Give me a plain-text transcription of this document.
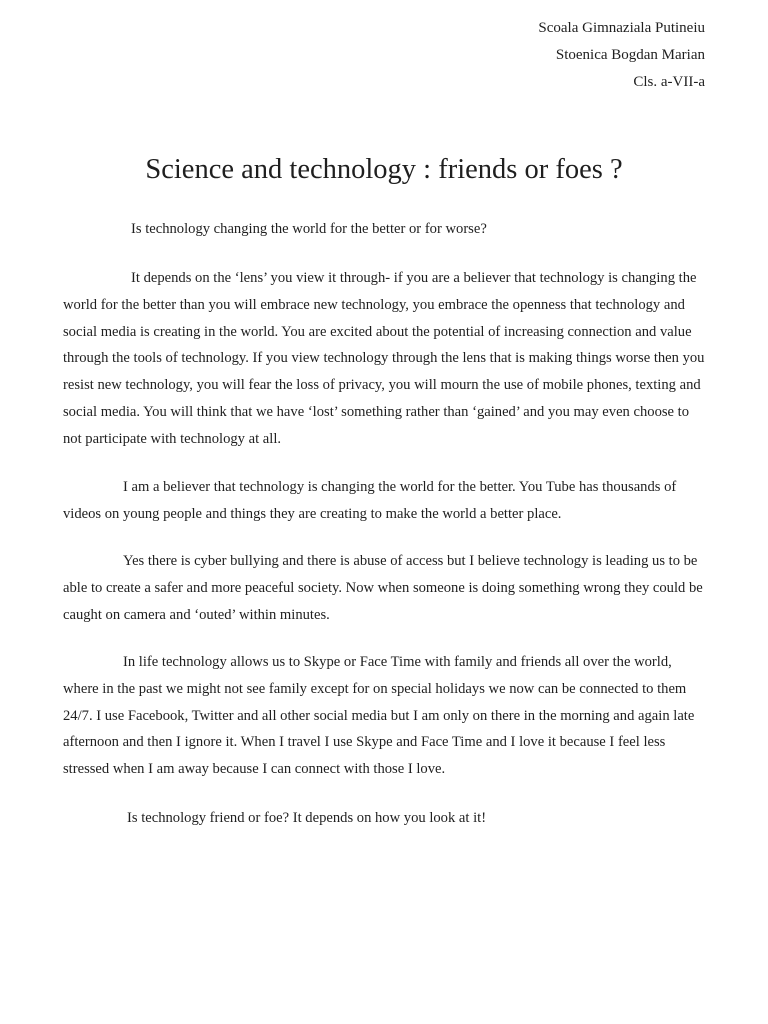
Scoala Gimnaziala Putineiu
Stoenica Bogdan Marian
Cls. a-VII-a
Science and technology : friends or foes ?

Is technology changing the world for the better or for worse?

It depends on the ‘lens’ you view it through- if you are a believer that technology is changing the world for the better than you will embrace new technology, you embrace the openness that technology and social media is creating in the world. You are excited about the potential of increasing connection and value through the tools of technology. If you view technology through the lens that is making things worse then you resist new technology, you will fear the loss of privacy, you will mourn the use of mobile phones, texting and social media. You will think that we have ‘lost’ something rather than ‘gained’ and you may even choose to not participate with technology at all.

I am a believer that technology is changing the world for the better. You Tube has thousands of videos on young people and things they are creating to make the world a better place.

Yes there is cyber bullying and there is abuse of access but I believe technology is leading us to be able to create a safer and more peaceful society. Now when someone is doing something wrong they could be caught on camera and ‘outed’ within minutes.

In life technology allows us to Skype or Face Time with family and friends all over the world, where in the past we might not see family except for on special holidays we now can be connected to them 24/7. I use Facebook, Twitter and all other social media but I am only on there in the morning and again late afternoon and then I ignore it. When I travel I use Skype and Face Time and I love it because I feel less stressed when I am away because I can connect with those I love.

Is technology friend or foe? It depends on how you look at it!
